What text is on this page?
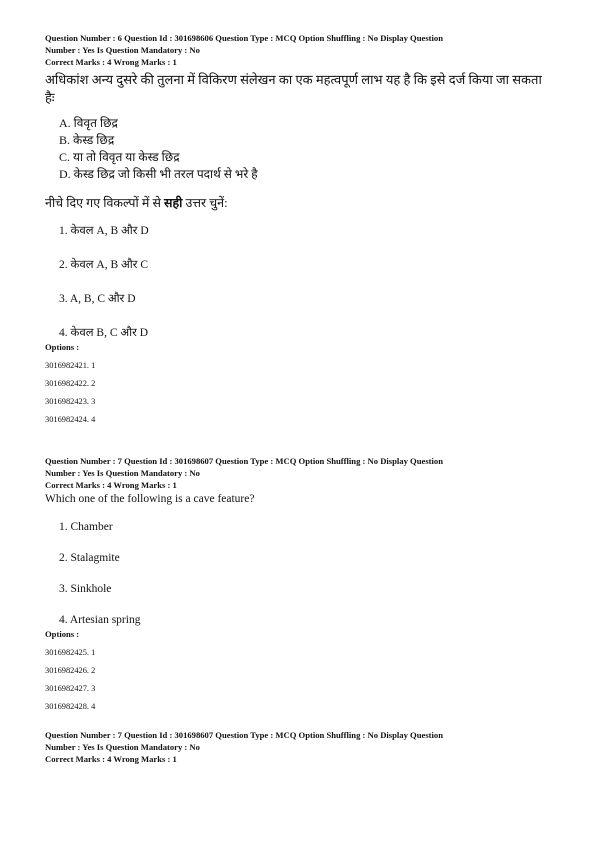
Question Number : 6 Question Id : 301698606 Question Type : MCQ Option Shuffling : No Display Question
Number : Yes Is Question Mandatory : No
Correct Marks : 4 Wrong Marks : 1
अधिकांश अन्य दुसरे की तुलना में विकिरण संलेखन का एक महत्वपूर्ण लाभ यह है कि इसे दर्ज किया जा सकता हैः
A. विवृत छिद्र
B. केस्ड छिद्र
C. या तो विवृत या केस्ड छिद्र
D. केस्ड छिद्र जो किसी भी तरल पदार्थ से भरे है
नीचे दिए गए विकल्पों में से सही उत्तर चुनें:
1. केवल A, B और D
2. केवल A, B और C
3. A, B, C और D
4. केवल B, C और D
Options :
3016982421. 1
3016982422. 2
3016982423. 3
3016982424. 4
Question Number : 7 Question Id : 301698607 Question Type : MCQ Option Shuffling : No Display Question
Number : Yes Is Question Mandatory : No
Correct Marks : 4 Wrong Marks : 1
Which one of the following is a cave feature?
1. Chamber
2. Stalagmite
3. Sinkhole
4. Artesian spring
Options :
3016982425. 1
3016982426. 2
3016982427. 3
3016982428. 4
Question Number : 7 Question Id : 301698607 Question Type : MCQ Option Shuffling : No Display Question
Number : Yes Is Question Mandatory : No
Correct Marks : 4 Wrong Marks : 1
